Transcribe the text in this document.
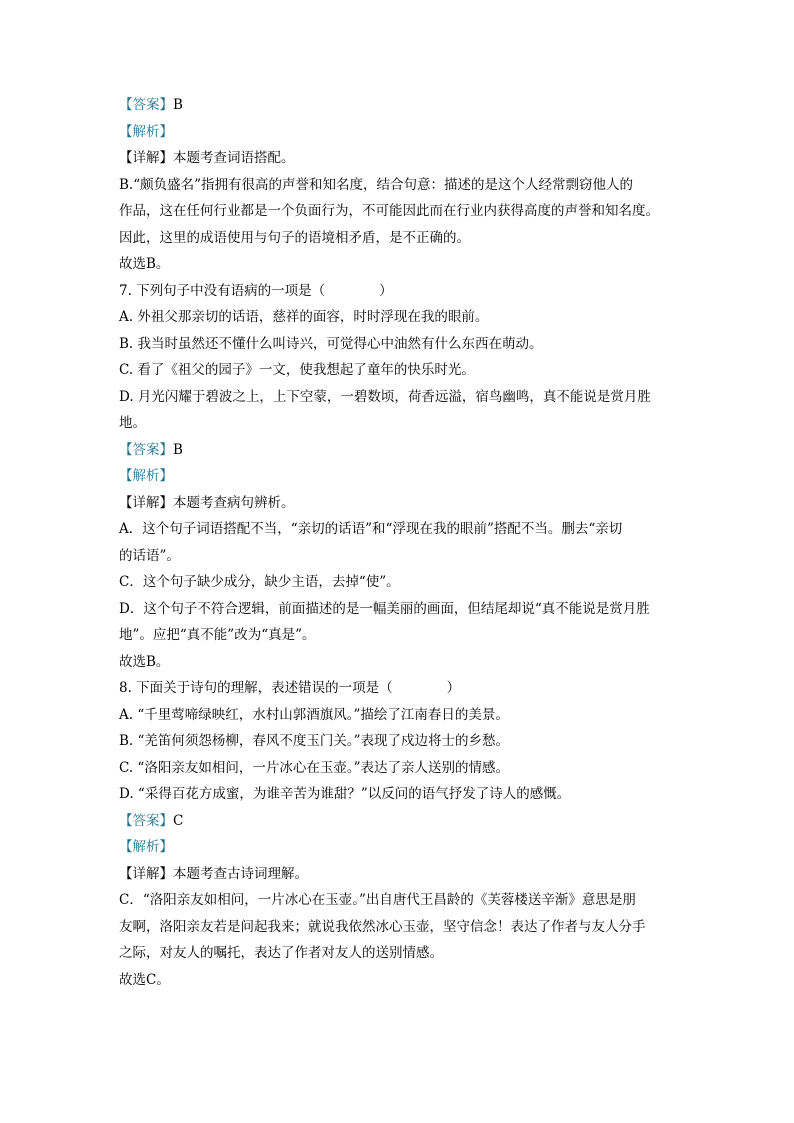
【答案】B
【解析】
【详解】本题考查词语搭配。
B.“颇负盛名”指拥有很高的声誉和知名度，结合句意：描述的是这个人经常剽窃他人的
作品，这在任何行业都是一个负面行为，不可能因此而在行业内获得高度的声誉和知名度。
因此，这里的成语使用与句子的语境相矛盾，是不正确的。
故选B。
7. 下列句子中没有语病的一项是（　　　　）
A. 外祖父那亲切的话语，慈祥的面容，时时浮现在我的眼前。
B. 我当时虽然还不懂什么叫诗兴，可觉得心中油然有什么东西在萌动。
C. 看了《祖父的园子》一文，使我想起了童年的快乐时光。
D. 月光闪耀于碧波之上，上下空蒙，一碧数顷，荷香远溢，宿鸟幽鸣，真不能说是赏月胜
地。
【答案】B
【解析】
【详解】本题考查病句辨析。
A．这个句子词语搭配不当，“亲切的话语”和“浮现在我的眼前”搭配不当。删去“亲切
的话语”。
C．这个句子缺少成分，缺少主语，去掉“使”。
D．这个句子不符合逻辑，前面描述的是一幅美丽的画面，但结尾却说“真不能说是赏月胜
地”。应把“真不能”改为“真是”。
故选B。
8. 下面关于诗句的理解，表述错误的一项是（　　　　）
A. “千里莺啼绿映红，水村山郭酒旗风。”描绘了江南春日的美景。
B. “羌笛何须怨杨柳，春风不度玉门关。”表现了戍边将士的乡愁。
C. “洛阳亲友如相问，一片冰心在玉壶。”表达了亲人送别的情感。
D. “采得百花方成蜜，为谁辛苦为谁甜？”以反问的语气抒发了诗人的感慨。
【答案】C
【解析】
【详解】本题考查古诗词理解。
C．“洛阳亲友如相问，一片冰心在玉壶。”出自唐代王昌龄的《芙蓉楼送辛渐》意思是朋
友啊，洛阳亲友若是问起我来；就说我依然冰心玉壶，坚守信念！表达了作者与友人分手
之际，对友人的嘱托，表达了作者对友人的送别情感。
故选C。
